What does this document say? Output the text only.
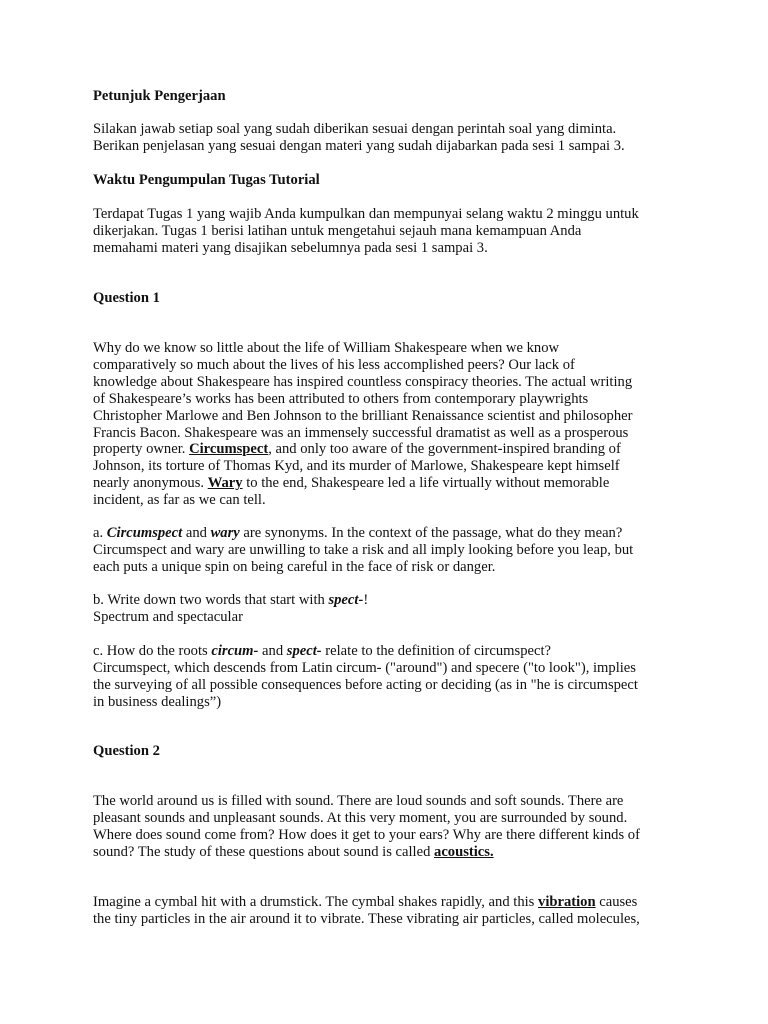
Petunjuk Pengerjaan
Silakan jawab setiap soal yang sudah diberikan sesuai dengan perintah soal yang diminta.
Berikan penjelasan yang sesuai dengan materi yang sudah dijabarkan pada sesi 1 sampai 3.
Waktu Pengumpulan Tugas Tutorial
Terdapat Tugas 1 yang wajib Anda kumpulkan dan mempunyai selang waktu 2 minggu untuk
dikerjakan. Tugas 1 berisi latihan untuk mengetahui sejauh mana kemampuan Anda
memahami materi yang disajikan sebelumnya pada sesi 1 sampai 3.
Question 1
Why do we know so little about the life of William Shakespeare when we know
comparatively so much about the lives of his less accomplished peers? Our lack of
knowledge about Shakespeare has inspired countless conspiracy theories. The actual writing
of Shakespeare’s works has been attributed to others from contemporary playwrights
Christopher Marlowe and Ben Johnson to the brilliant Renaissance scientist and philosopher
Francis Bacon. Shakespeare was an immensely successful dramatist as well as a prosperous
property owner. Circumspect, and only too aware of the government-inspired branding of
Johnson, its torture of Thomas Kyd, and its murder of Marlowe, Shakespeare kept himself
nearly anonymous. Wary to the end, Shakespeare led a life virtually without memorable
incident, as far as we can tell.
a. Circumspect and wary are synonyms. In the context of the passage, what do they mean?
Circumspect and wary are unwilling to take a risk and all imply looking before you leap, but
each puts a unique spin on being careful in the face of risk or danger.
b. Write down two words that start with spect-!
Spectrum and spectacular
c. How do the roots circum- and spect- relate to the definition of circumspect?
Circumspect, which descends from Latin circum- ("around") and specere ("to look"), implies
the surveying of all possible consequences before acting or deciding (as in "he is circumspect
in business dealings”)
Question 2
The world around us is filled with sound. There are loud sounds and soft sounds. There are
pleasant sounds and unpleasant sounds. At this very moment, you are surrounded by sound.
Where does sound come from? How does it get to your ears? Why are there different kinds of
sound? The study of these questions about sound is called acoustics.
Imagine a cymbal hit with a drumstick. The cymbal shakes rapidly, and this vibration causes
the tiny particles in the air around it to vibrate. These vibrating air particles, called molecules,
